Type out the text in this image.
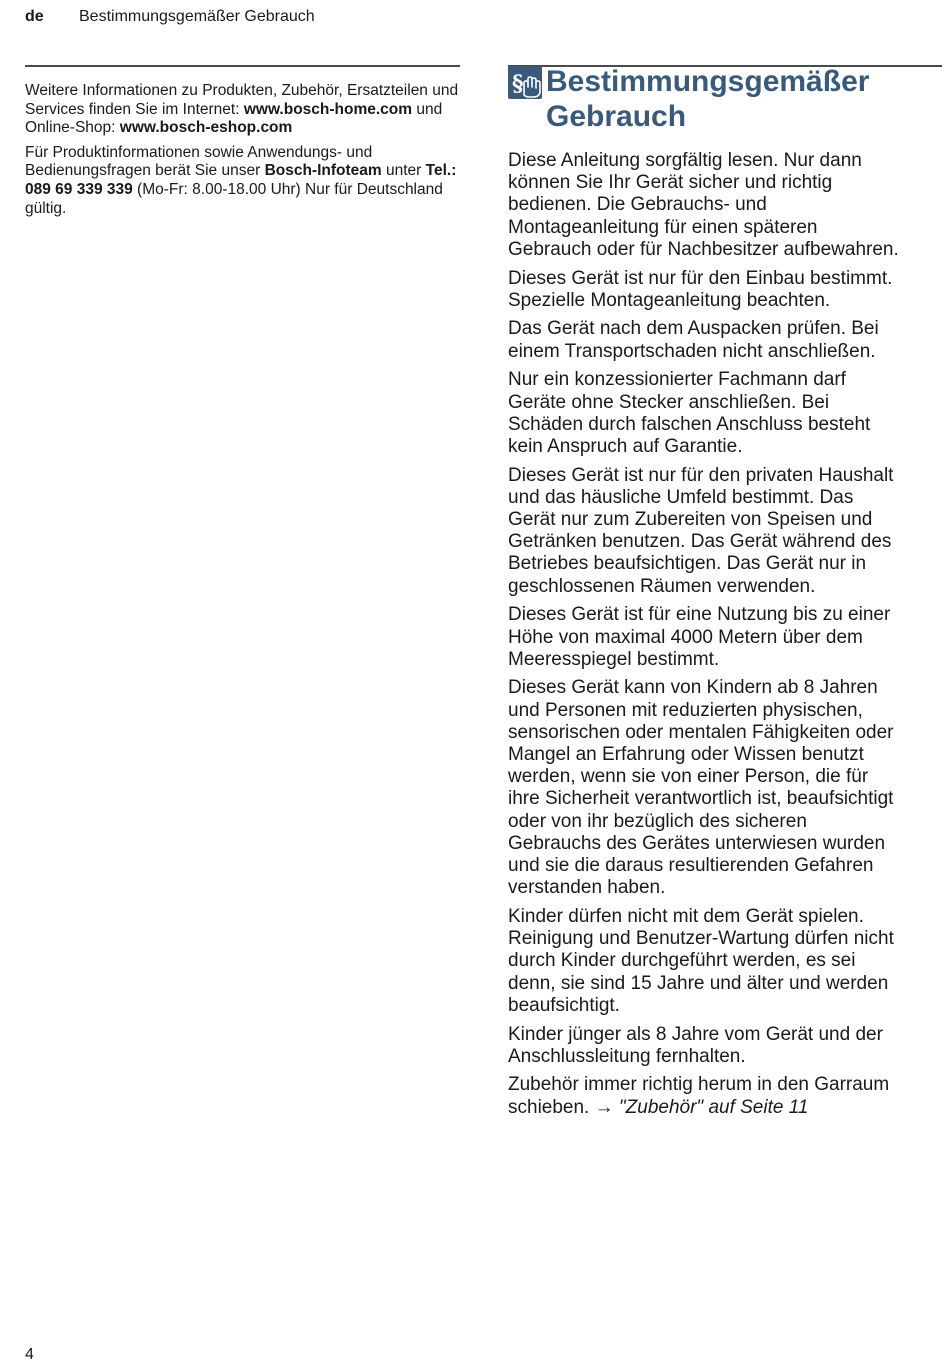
de Bestimmungsgemäßer Gebrauch

Weitere Informationen zu Produkten, Zubehör, Ersatzteilen und Services finden Sie im Internet: www.bosch-home.com und Online-Shop: www.bosch-eshop.com

Für Produktinformationen sowie Anwendungs- und Bedienungsfragen berät Sie unser Bosch-Infoteam unter Tel.: 089 69 339 339 (Mo-Fr: 8.00-18.00 Uhr) Nur für Deutschland gültig.

§ Bestimmungsgemäßer
Gebrauch

Diese Anleitung sorgfältig lesen. Nur dann
können Sie Ihr Gerät sicher und richtig
bedienen. Die Gebrauchs- und
Montageanleitung für einen späteren
Gebrauch oder für Nachbesitzer aufbewahren.

Dieses Gerät ist nur für den Einbau bestimmt.
Spezielle Montageanleitung beachten.

Das Gerät nach dem Auspacken prüfen. Bei
einem Transportschaden nicht anschließen.

Nur ein konzessionierter Fachmann darf
Geräte ohne Stecker anschließen. Bei
Schäden durch falschen Anschluss besteht
kein Anspruch auf Garantie.

Dieses Gerät ist nur für den privaten Haushalt
und das häusliche Umfeld bestimmt. Das
Gerät nur zum Zubereiten von Speisen und
Getränken benutzen. Das Gerät während des
Betriebes beaufsichtigen. Das Gerät nur in
geschlossenen Räumen verwenden.

Dieses Gerät ist für eine Nutzung bis zu einer
Höhe von maximal 4000 Metern über dem
Meeresspiegel bestimmt.

Dieses Gerät kann von Kindern ab 8 Jahren
und Personen mit reduzierten physischen,
sensorischen oder mentalen Fähigkeiten oder
Mangel an Erfahrung oder Wissen benutzt
werden, wenn sie von einer Person, die für
ihre Sicherheit verantwortlich ist, beaufsichtigt
oder von ihr bezüglich des sicheren
Gebrauchs des Gerätes unterwiesen wurden
und sie die daraus resultierenden Gefahren
verstanden haben.

Kinder dürfen nicht mit dem Gerät spielen.
Reinigung und Benutzer-Wartung dürfen nicht
durch Kinder durchgeführt werden, es sei
denn, sie sind 15 Jahre und älter und werden
beaufsichtigt.

Kinder jünger als 8 Jahre vom Gerät und der
Anschlussleitung fernhalten.

Zubehör immer richtig herum in den Garraum
schieben. → "Zubehör" auf Seite 11

4
